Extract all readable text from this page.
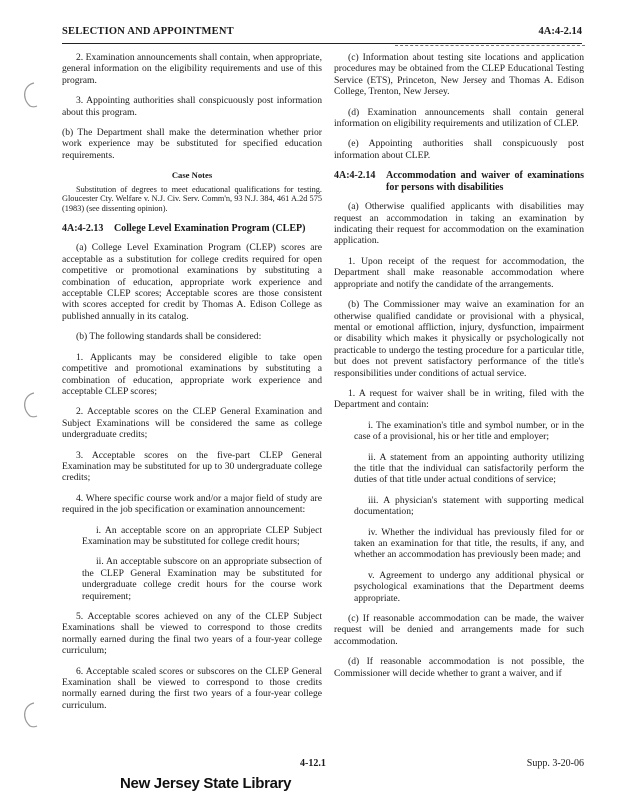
SELECTION AND APPOINTMENT	4A:4-2.14

2. Examination announcements shall contain, when appropriate, general information on the eligibility requirements and use of this program.

3. Appointing authorities shall conspicuously post information about this program.

(b) The Department shall make the determination whether prior work experience may be substituted for specified education requirements.

Case Notes

Substitution of degrees to meet educational qualifications for testing. Gloucester Cty. Welfare v. N.J. Civ. Serv. Comm'n, 93 N.J. 384, 461 A.2d 575 (1983) (see dissenting opinion).

4A:4-2.13 College Level Examination Program (CLEP)

(a) College Level Examination Program (CLEP) scores are acceptable as a substitution for college credits required for open competitive or promotional examinations by substituting a combination of education, appropriate work experience and acceptable CLEP scores; Acceptable scores are those consistent with scores accepted for credit by Thomas A. Edison College as published annually in its catalog.

(b) The following standards shall be considered:

1. Applicants may be considered eligible to take open competitive and promotional examinations by substituting a combination of education, appropriate work experience and acceptable CLEP scores;

2. Acceptable scores on the CLEP General Examination and Subject Examinations will be considered the same as college undergraduate credits;

3. Acceptable scores on the five-part CLEP General Examination may be substituted for up to 30 undergraduate college credits;

4. Where specific course work and/or a major field of study are required in the job specification or examination announcement:

i. An acceptable score on an appropriate CLEP Subject Examination may be substituted for college credit hours;

ii. An acceptable subscore on an appropriate subsection of the CLEP General Examination may be substituted for undergraduate college credit hours for the course work requirement;

5. Acceptable scores achieved on any of the CLEP Subject Examinations shall be viewed to correspond to those credits normally earned during the final two years of a four-year college curriculum;

6. Acceptable scaled scores or subscores on the CLEP General Examination shall be viewed to correspond to those credits normally earned during the first two years of a four-year college curriculum.

(c) Information about testing site locations and application procedures may be obtained from the CLEP Educational Testing Service (ETS), Princeton, New Jersey and Thomas A. Edison College, Trenton, New Jersey.

(d) Examination announcements shall contain general information on eligibility requirements and utilization of CLEP.

(e) Appointing authorities shall conspicuously post information about CLEP.

4A:4-2.14 Accommodation and waiver of examinations for persons with disabilities

(a) Otherwise qualified applicants with disabilities may request an accommodation in taking an examination by indicating their request for accommodation on the examination application.

1. Upon receipt of the request for accommodation, the Department shall make reasonable accommodation where appropriate and notify the candidate of the arrangements.

(b) The Commissioner may waive an examination for an otherwise qualified candidate or provisional with a physical, mental or emotional affliction, injury, dysfunction, impairment or disability which makes it physically or psychologically not practicable to undergo the testing procedure for a particular title, but does not prevent satisfactory performance of the title's responsibilities under conditions of actual service.

1. A request for waiver shall be in writing, filed with the Department and contain:

i. The examination's title and symbol number, or in the case of a provisional, his or her title and employer;

ii. A statement from an appointing authority utilizing the title that the individual can satisfactorily perform the duties of that title under actual conditions of service;

iii. A physician's statement with supporting medical documentation;

iv. Whether the individual has previously filed for or taken an examination for that title, the results, if any, and whether an accommodation has previously been made; and

v. Agreement to undergo any additional physical or psychological examinations that the Department deems appropriate.

(c) If reasonable accommodation can be made, the waiver request will be denied and arrangements made for such accommodation.

(d) If reasonable accommodation is not possible, the Commissioner will decide whether to grant a waiver, and if

4-12.1	Supp. 3-20-06
New Jersey State Library
